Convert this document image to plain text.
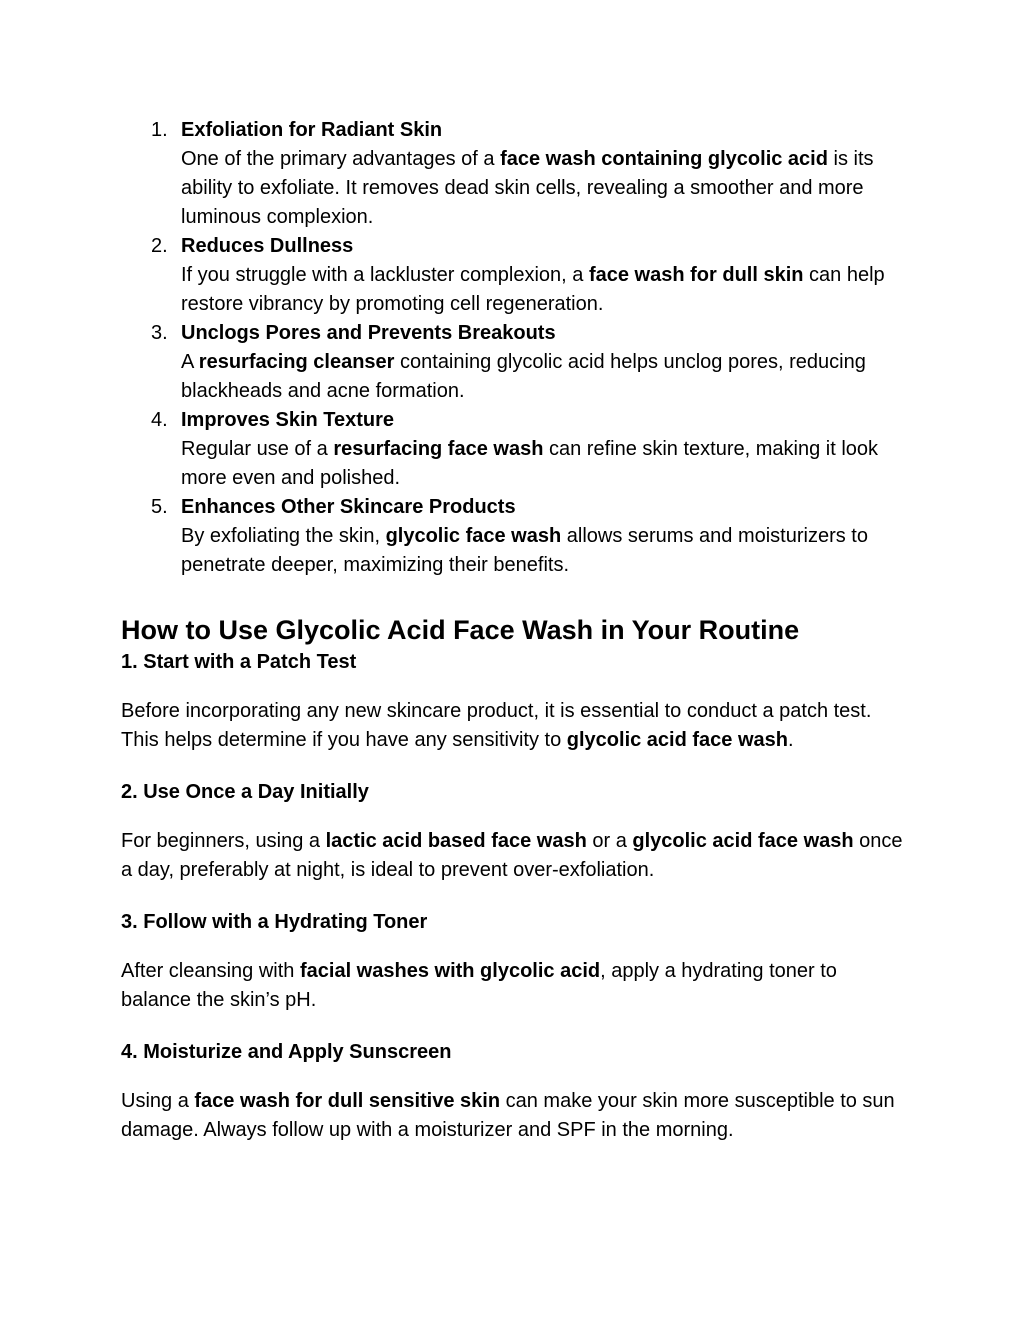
1. Exfoliation for Radiant Skin
One of the primary advantages of a face wash containing glycolic acid is its ability to exfoliate. It removes dead skin cells, revealing a smoother and more luminous complexion.
2. Reduces Dullness
If you struggle with a lackluster complexion, a face wash for dull skin can help restore vibrancy by promoting cell regeneration.
3. Unclogs Pores and Prevents Breakouts
A resurfacing cleanser containing glycolic acid helps unclog pores, reducing blackheads and acne formation.
4. Improves Skin Texture
Regular use of a resurfacing face wash can refine skin texture, making it look more even and polished.
5. Enhances Other Skincare Products
By exfoliating the skin, glycolic face wash allows serums and moisturizers to penetrate deeper, maximizing their benefits.
How to Use Glycolic Acid Face Wash in Your Routine
1. Start with a Patch Test

Before incorporating any new skincare product, it is essential to conduct a patch test. This helps determine if you have any sensitivity to glycolic acid face wash.

2. Use Once a Day Initially

For beginners, using a lactic acid based face wash or a glycolic acid face wash once a day, preferably at night, is ideal to prevent over-exfoliation.

3. Follow with a Hydrating Toner

After cleansing with facial washes with glycolic acid, apply a hydrating toner to balance the skin’s pH.

4. Moisturize and Apply Sunscreen

Using a face wash for dull sensitive skin can make your skin more susceptible to sun damage. Always follow up with a moisturizer and SPF in the morning.
